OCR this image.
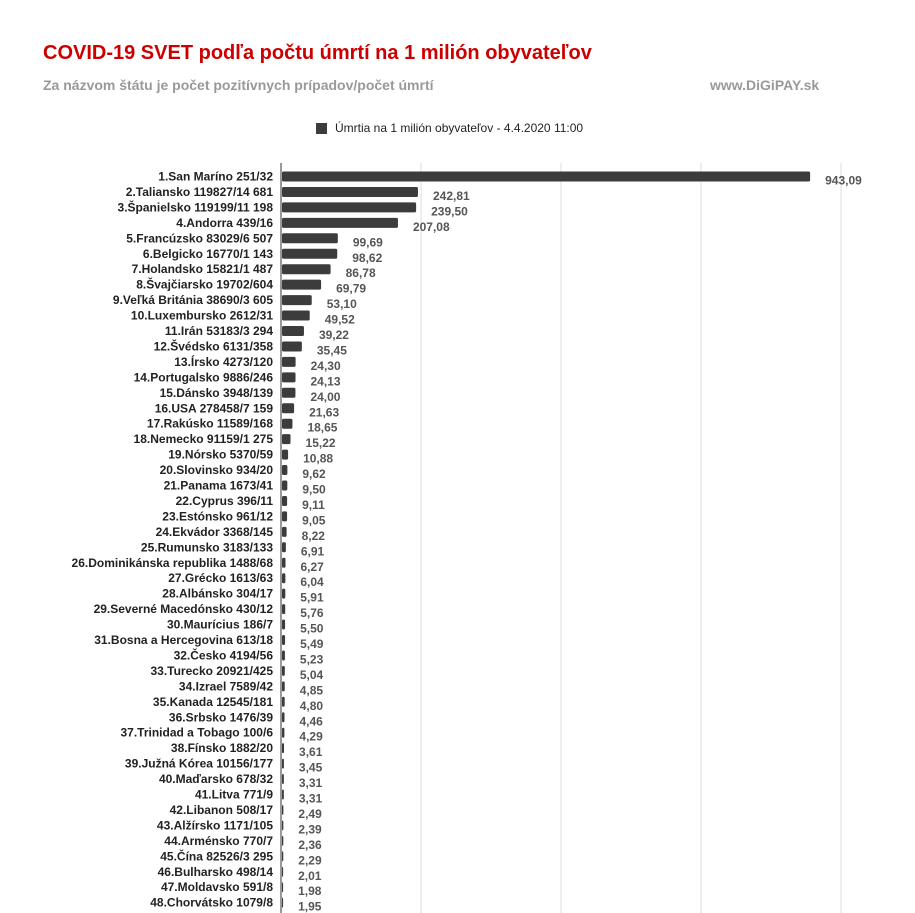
COVID-19 SVET podľa počtu úmrtí na 1 milión obyvateľov
Za názvom štátu je počet pozitívnych prípadov/počet úmrtí	www.DiGiPAY.sk
Úmrtia na 1 milión obyvateľov - 4.4.2020 11:00
1.San Maríno 251/32	943,09
2.Taliansko 119827/14 681	242,81
3.Španielsko 119199/11 198	239,50
4.Andorra 439/16	207,08
5.Francúzsko 83029/6 507	99,69
6.Belgicko 16770/1 143	98,62
7.Holandsko 15821/1 487	86,78
8.Švajčiarsko 19702/604	69,79
9.Veľká Británia 38690/3 605	53,10
10.Luxembursko 2612/31	49,52
11.Irán 53183/3 294	39,22
12.Švédsko 6131/358	35,45
13.Írsko 4273/120	24,30
14.Portugalsko 9886/246	24,13
15.Dánsko 3948/139	24,00
16.USA 278458/7 159	21,63
17.Rakúsko 11589/168	18,65
18.Nemecko 91159/1 275	15,22
19.Nórsko 5370/59	10,88
20.Slovinsko 934/20 9,62
21.Panama 1673/41 9,50
22.Cyprus 396/11 9,11
23.Estónsko 961/12 9,05
24.Ekvádor 3368/145 8,22
25.Rumunsko 3183/133 6,91
26.Dominikánska republika 1488/68 6,27
27.Grécko 1613/63 6,04
28.Albánsko 304/17 5,91
29.Severné Macedónsko 430/12 5,76
30.Maurícius 186/7 5,50
31.Bosna a Hercegovina 613/18 5,49
32.Česko 4194/56 5,23
33.Turecko 20921/425 5,04
34.Izrael 7589/42 4,85
35.Kanada 12545/181 4,80
36.Srbsko 1476/39 4,46
37.Trinidad a Tobago 100/6 4,29
38.Fínsko 1882/20 3,61
39.Južná Kórea 10156/177 3,45
40.Maďarsko 678/32 3,31
41.Litva 771/9 3,31
42.Libanon 508/17 2,49
43.Alžírsko 1171/105 2,39
44.Arménsko 770/7 2,36
45.Čína 82526/3 295 2,29
46.Bulharsko 498/14 2,01
47.Moldavsko 591/8 1,98
48.Chorvátsko 1079/8 1,95
